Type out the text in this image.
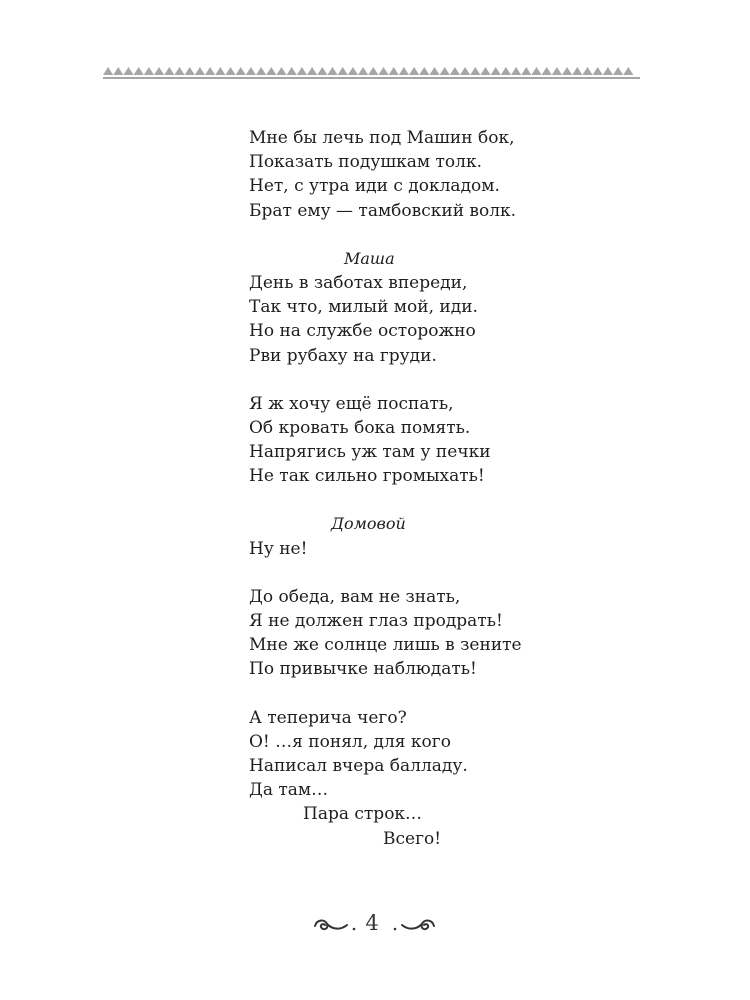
Мне бы лечь под Машин бок,
Показать подушкам толк.
Нет, с утра иди с докладом.
Брат ему — тамбовский волк.
Маша
День в заботах впереди,
Так что, милый мой, иди.
Но на службе осторожно
Рви рубаху на груди.
Я ж хочу ещё поспать,
Об кровать бока помять.
Напрягись уж там у печки
Не так сильно громыхать!
Домовой
Ну не!
До обеда, вам не знать,
Я не должен глаз продрать!
Мне же солнце лишь в зените
По привычке наблюдать!
А теперича чего?
О! …я понял, для кого
Написал вчера балладу.
Да там…
Пара строк…
Всего!
4
